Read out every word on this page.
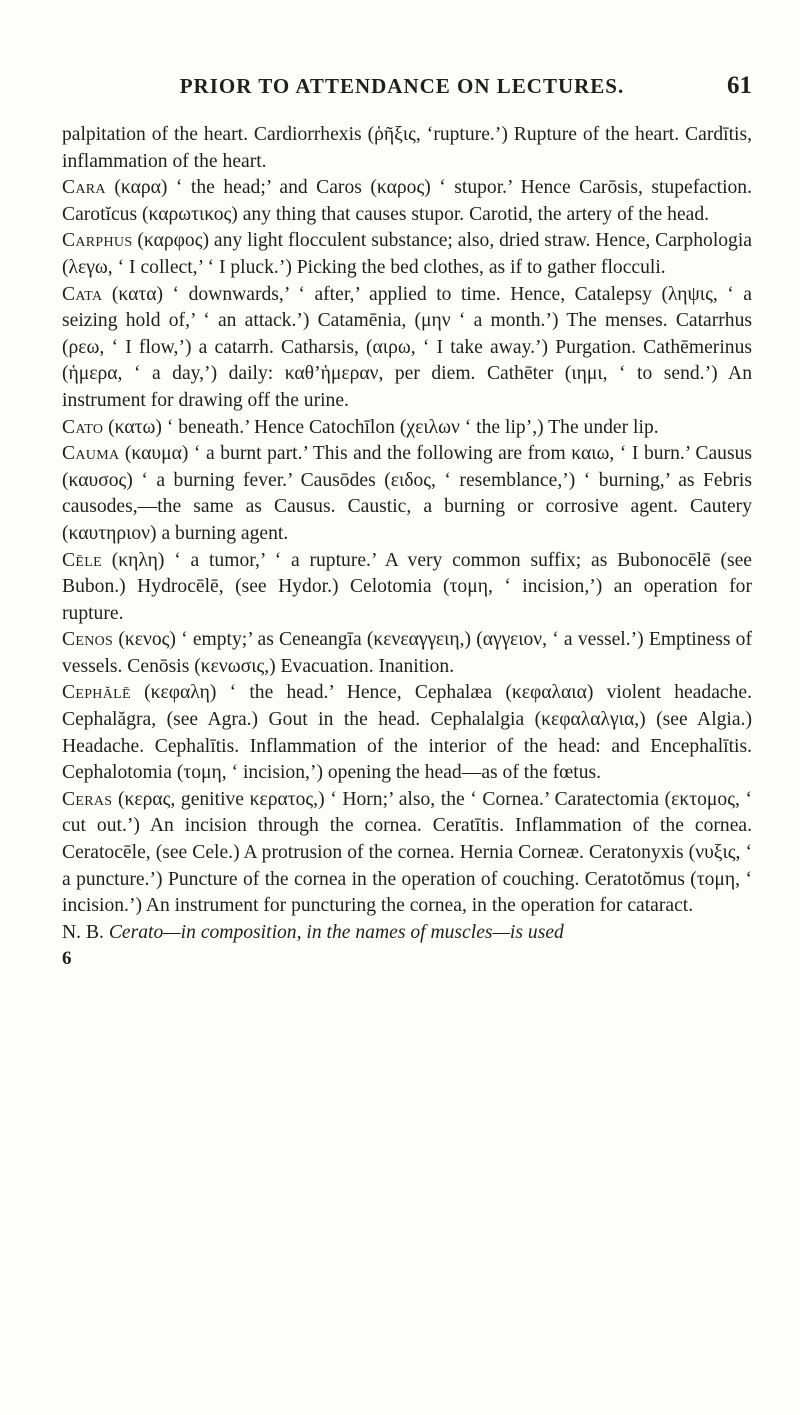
PRIOR TO ATTENDANCE ON LECTURES.	61

palpitation of the heart. Cardiorrhexis (ῥῆξις, ‘rupture.’) Rupture of the heart. Cardītis, inflammation of the heart.

Cara (καρα) ‘ the head;’ and Caros (καρος) ‘ stupor.’ Hence Carōsis, stupefaction. Carotĭcus (καρωτικος) any thing that causes stupor. Carotid, the artery of the head.

Carphus (καρφος) any light flocculent substance; also, dried straw. Hence, Carphologia (λεγω, ‘ I collect,’ ‘ I pluck.’) Picking the bed clothes, as if to gather flocculi.

Cata (κατα) ‘ downwards,’ ‘ after,’ applied to time. Hence, Catalepsy (ληψις, ‘ a seizing hold of,’ ‘ an attack.’) Catamēnia, (μην ‘ a month.’) The menses. Catarrhus (ρεω, ‘ I flow,’) a catarrh. Catharsis, (αιρω, ‘ I take away.’) Purgation. Cathēmerinus (ἡμερα, ‘ a day,’) daily: καθ’ἡμεραν, per diem. Cathēter (ιημι, ‘ to send.’) An instrument for drawing off the urine.

Cato (κατω) ‘ beneath.’ Hence Catochīlon (χειλων ‘ the lip’,) The under lip.

Cauma (καυμα) ‘ a burnt part.’ This and the following are from καιω, ‘ I burn.’ Causus (καυσος) ‘ a burning fever.’ Causōdes (ειδος, ‘ resemblance,’) ‘ burning,’ as Febris causodes,—the same as Causus. Caustic, a burning or corrosive agent. Cautery (καυτηριον) a burning agent.

Cēle (κηλη) ‘ a tumor,’ ‘ a rupture.’ A very common suffix; as Bubonocēlē (see Bubon.) Hydrocēlē, (see Hydor.) Celotomia (τομη, ‘ incision,’) an operation for rupture.

Cenos (κενος) ‘ empty;’ as Ceneangīa (κενεαγγειη,) (αγγειον, ‘ a vessel.’) Emptiness of vessels. Cenōsis (κενωσις,) Evacuation. Inanition.

Cephălē (κεφαλη) ‘ the head.’ Hence, Cephalæa (κεφαλαια) violent headache. Cephalăgra, (see Agra.) Gout in the head. Cephalalgia (κεφαλαλγια,) (see Algia.) Headache. Cephalītis. Inflammation of the interior of the head: and Encephalītis. Cephalotomia (τομη, ‘ incision,’) opening the head—as of the fœtus.

Ceras (κερας, genitive κερατος,) ‘ Horn;’ also, the ‘ Cornea.’ Caratectomia (εκτομος, ‘ cut out.’) An incision through the cornea. Ceratītis. Inflammation of the cornea. Ceratocēle, (see Cele.) A protrusion of the cornea. Hernia Corneæ. Ceratonyxis (νυξις, ‘ a puncture.’) Puncture of the cornea in the operation of couching. Ceratotŏmus (τομη, ‘ incision.’) An instrument for puncturing the cornea, in the operation for cataract.

N. B. Cerato—in composition, in the names of muscles—is used

6
